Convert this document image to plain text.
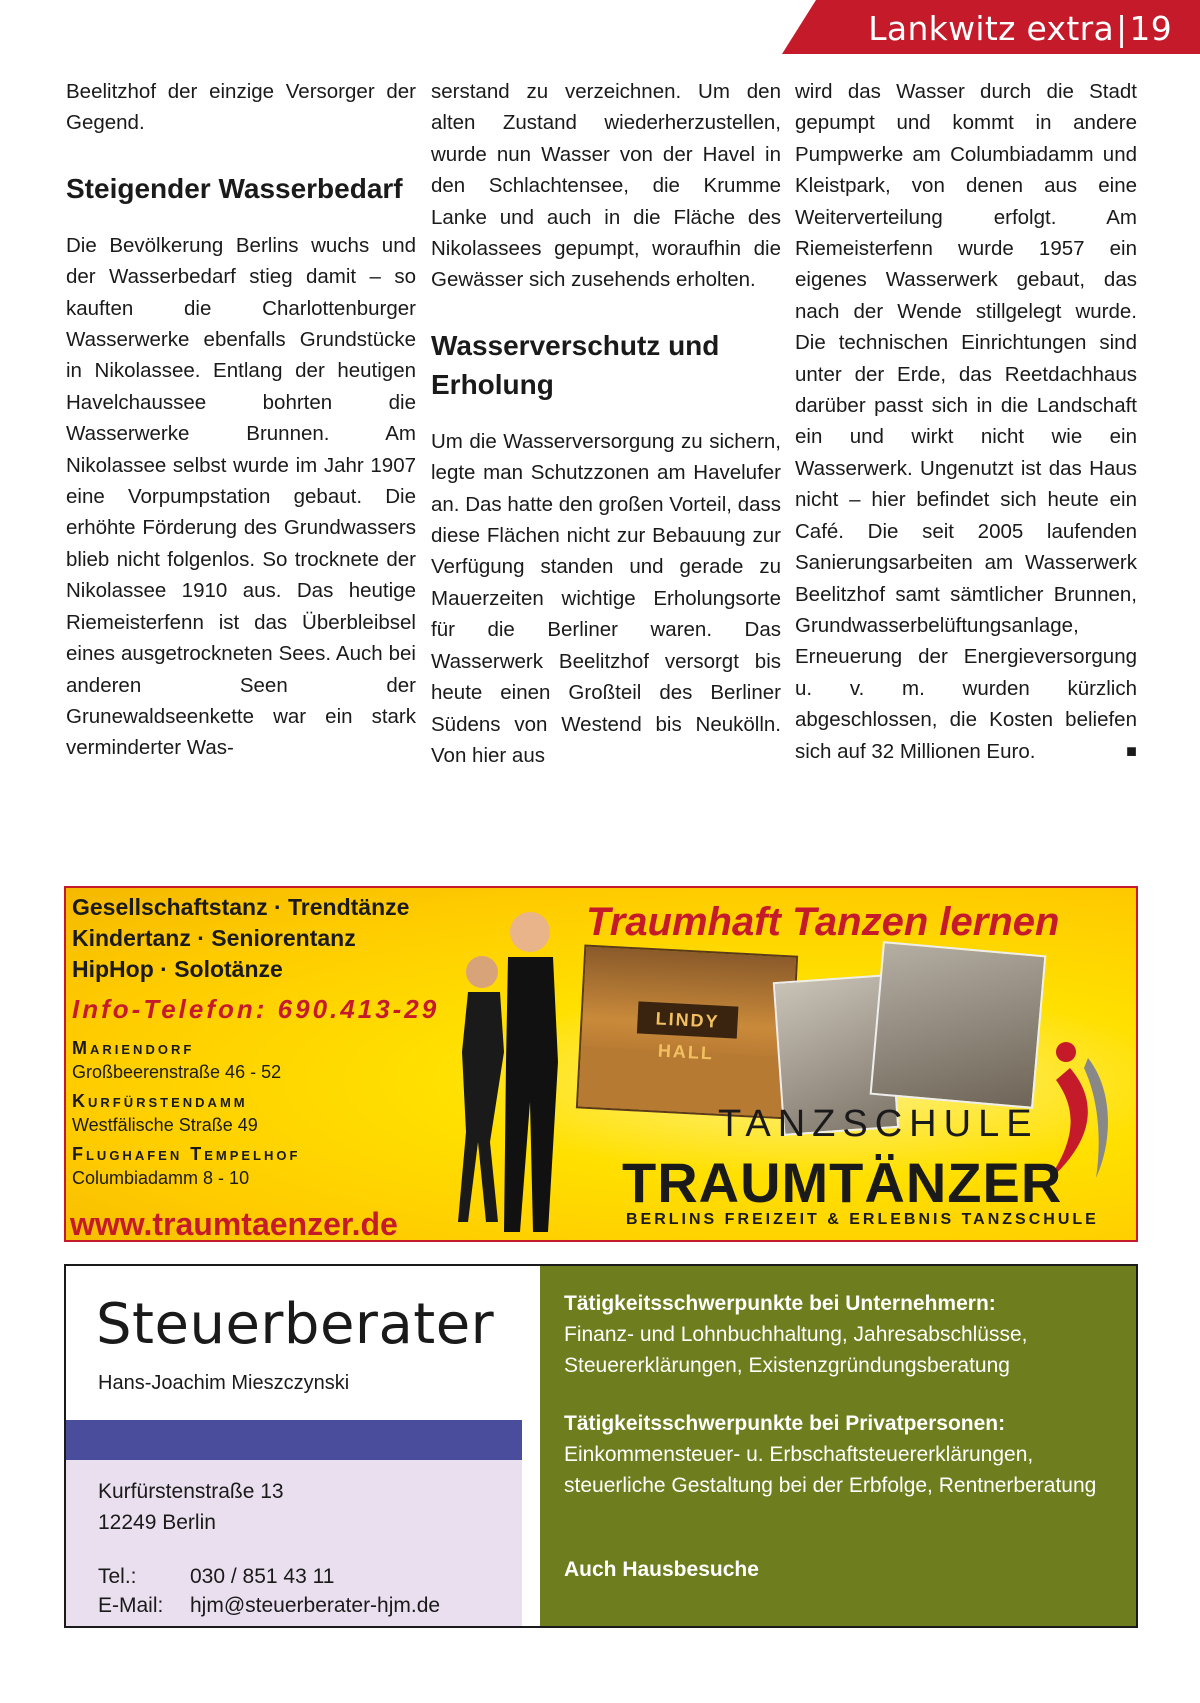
Lankwitz extra|19

Beelitzhof der einzige Versorger der Gegend.

Steigender Wasserbedarf

Die Bevölkerung Berlins wuchs und der Wasserbedarf stieg damit – so kauften die Charlottenburger Wasserwerke ebenfalls Grundstücke in Nikolassee. Entlang der heutigen Havelchaussee bohrten die Wasserwerke Brunnen. Am Nikolassee selbst wurde im Jahr 1907 eine Vorpumpstation gebaut. Die erhöhte Förderung des Grundwassers blieb nicht folgenlos. So trocknete der Nikolassee 1910 aus. Das heutige Riemeisterfenn ist das Überbleibsel eines ausgetrockneten Sees. Auch bei anderen Seen der Grunewaldseenkette war ein stark verminderter Was-

serstand zu verzeichnen. Um den alten Zustand wiederherzustellen, wurde nun Wasser von der Havel in den Schlachtensee, die Krumme Lanke und auch in die Fläche des Nikolassees gepumpt, woraufhin die Gewässer sich zusehends erholten.

Wasserverschutz und Erholung

Um die Wasserversorgung zu sichern, legte man Schutzzonen am Havelufer an. Das hatte den großen Vorteil, dass diese Flächen nicht zur Bebauung zur Verfügung standen und gerade zu Mauerzeiten wichtige Erholungsorte für die Berliner waren. Das Wasserwerk Beelitzhof versorgt bis heute einen Großteil des Berliner Südens von Westend bis Neukölln. Von hier aus

wird das Wasser durch die Stadt gepumpt und kommt in andere Pumpwerke am Columbiadamm und Kleistpark, von denen aus eine Weiterverteilung erfolgt. Am Riemeisterfenn wurde 1957 ein eigenes Wasserwerk gebaut, das nach der Wende stillgelegt wurde. Die technischen Einrichtungen sind unter der Erde, das Reetdachhaus darüber passt sich in die Landschaft ein und wirkt nicht wie ein Wasserwerk. Ungenutzt ist das Haus nicht – hier befindet sich heute ein Café. Die seit 2005 laufenden Sanierungsarbeiten am Wasserwerk Beelitzhof samt sämtlicher Brunnen, Grundwasserbelüftungsanlage, Erneuerung der Energieversorgung u. v. m. wurden kürzlich abgeschlossen, die Kosten beliefen sich auf 32 Millionen Euro.	■

Gesellschaftstanz · Trendtänze
Kindertanz · Seniorentanz
HipHop · Solotänze
Traumhaft Tanzen lernen
Info-Telefon: 690.413-29
Mariendorf
Großbeerenstraße 46 - 52
Kurfürstendamm
Westfälische Straße 49
Flughafen Tempelhof
Columbiadamm 8 - 10
www.traumtaenzer.de
LINDY HALL
TANZSCHULE
TRAUMTÄNZER
BERLINS FREIZEIT & ERLEBNIS TANZSCHULE
Steuerberater
Hans-Joachim Mieszczynski
Kurfürstenstraße 13
12249 Berlin
Tel.:	030 / 851 43 11
E-Mail: hjm@steuerberater-hjm.de
Tätigkeitsschwerpunkte bei Unternehmern:
Finanz- und Lohnbuchhaltung, Jahresabschlüsse, Steuererklärungen, Existenzgründungsberatung
Tätigkeitsschwerpunkte bei Privatpersonen:
Einkommensteuer- u. Erbschaftsteuererklärungen, steuerliche Gestaltung bei der Erbfolge, Rentnerberatung
Auch Hausbesuche
